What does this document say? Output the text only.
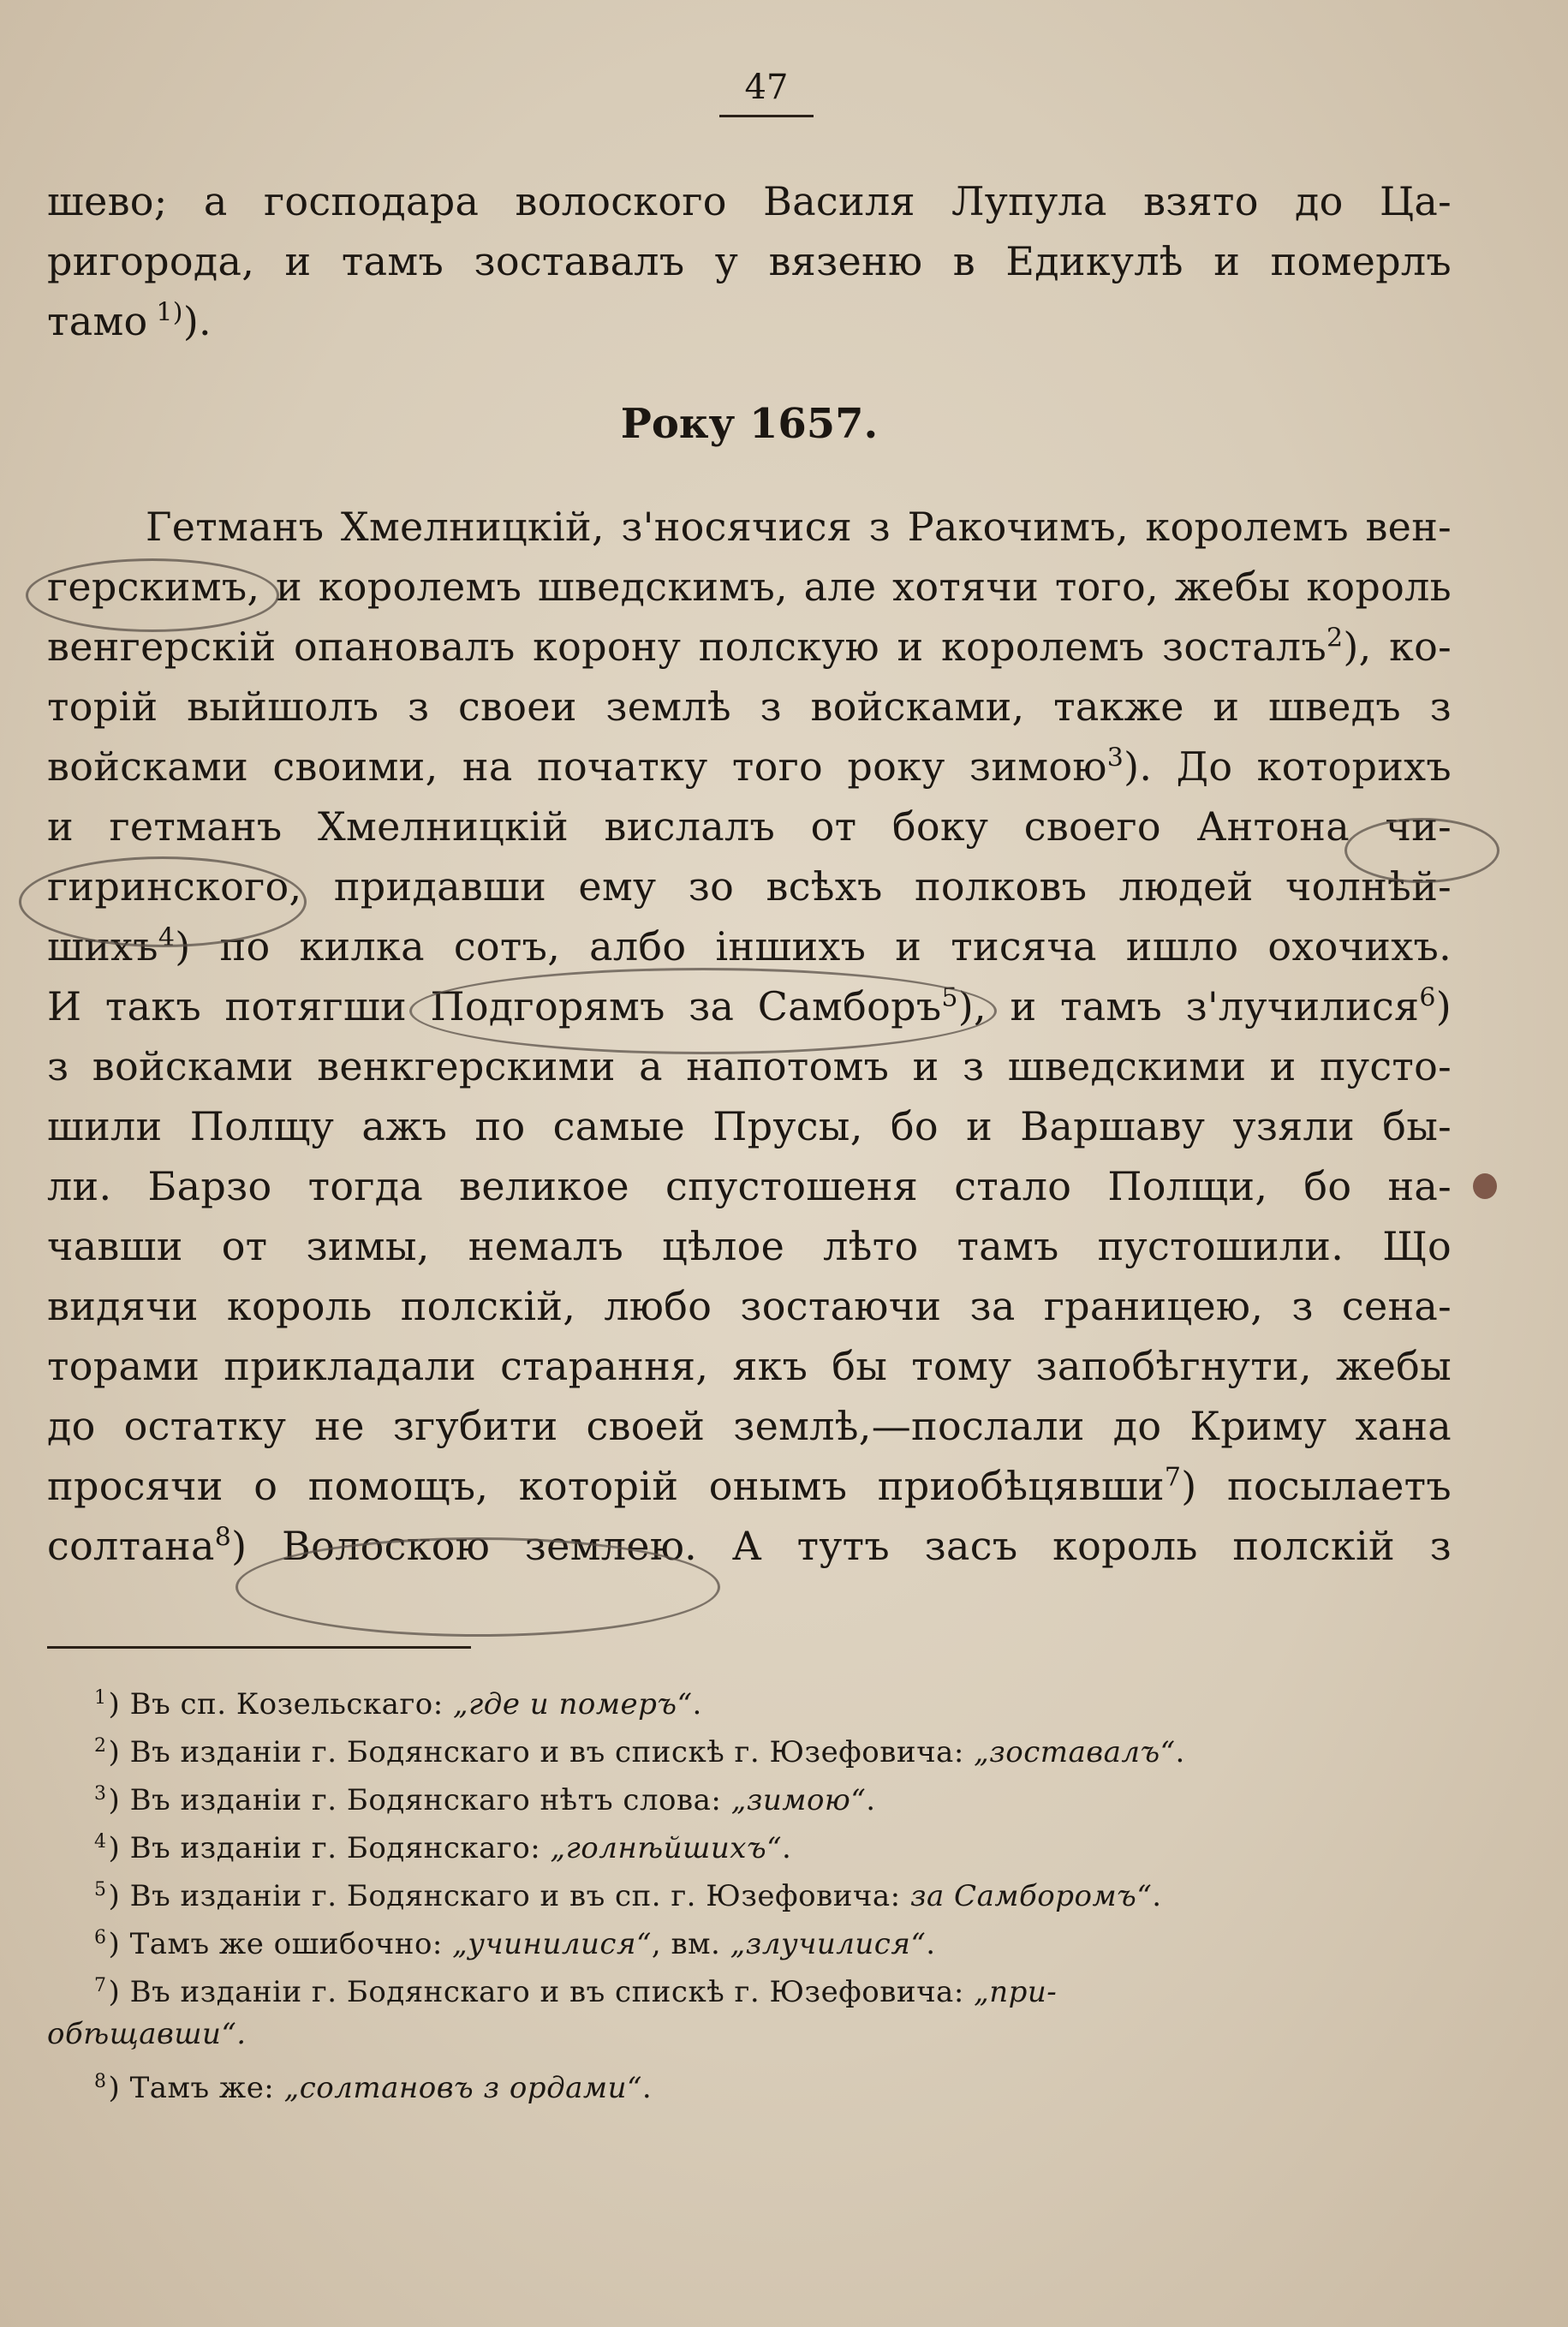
47
шево; а господара волоского Василя Лупула взято до Ца-
ригорода, и тамъ зоставалъ у вязеню в Едикулѣ и померлъ
тамо $^{1)}$).
Року 1657.
Гетманъ Хмелницкій, з'носячися з Ракочимъ, королемъ вен-
герскимъ, и королемъ шведскимъ, але хотячи того, жебы король
венгерскій опановалъ корону полскую и королемъ зосталъ$^2$), ко-
торій выйшолъ з своеи землѣ з войсками, также и шведъ з
войсками своими, на початку того року зимою$^3$). До которихъ
и гетманъ Хмелницкій вислалъ от боку своего Антона чи-
гиринского, придавши ему зо всѣхъ полковъ людей чолнѣй-
шихъ$^4$) по килка сотъ, албо іншихъ и тисяча ишло охочихъ.
И такъ потягши Подгорямъ за Самборъ$^5$), и тамъ з'лучилися$^6$)
з войсками венкгерскими а напотомъ и з шведскими и пусто-
шили Полщу ажъ по самые Прусы, бо и Варшаву узяли бы-
ли. Барзо тогда великое спустошеня стало Полщи, бо на-
чавши от зимы, немалъ цѣлое лѣто тамъ пустошили. Що
видячи король полскій, любо зостаючи за границею, з сена-
торами прикладали старання, якъ бы тому запобѣгнути, жебы
до остатку не згубити своей землѣ,—послали до Криму хана
просячи о помощъ, которій онымъ приобѣцявши$^7$) посылаетъ
солтана$^8$) Волоскою землею. А тутъ засъ король полскій з
$^1$) Въ сп. Козельскаго: „где и померъ“.
$^2$) Въ изданіи г. Бодянскаго и въ спискѣ г. Юзефовича: „зоставалъ“.
$^3$) Въ изданіи г. Бодянскаго нѣтъ слова: „зимою“.
$^4$) Въ изданіи г. Бодянскаго: „голнѣйшихъ“.
$^5$) Въ изданіи г. Бодянскаго и въ сп. г. Юзефовича: за Самборомъ“.
$^6$) Тамъ же ошибочно: „учинилися“, вм. „злучилися“.
$^7$) Въ изданіи г. Бодянскаго и въ спискѣ г. Юзефовича: „при-
обѣщавши“.
$^8$) Тамъ же: „солтановъ з ордами“.
